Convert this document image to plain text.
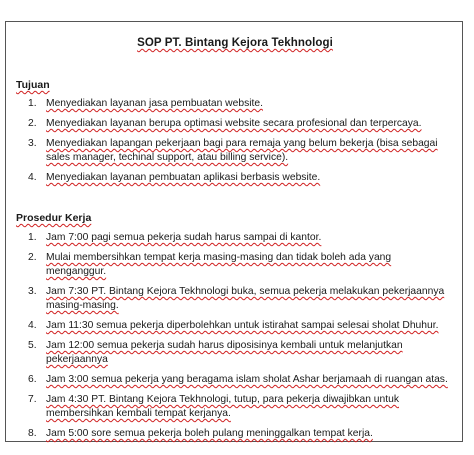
SOP PT. Bintang Kejora Tekhnologi
Tujuan
1. Menyediakan layanan jasa pembuatan website.
2. Menyediakan layanan berupa optimasi website secara profesional dan terpercaya.
3. Menyediakan lapangan pekerjaan bagi para remaja yang belum bekerja (bisa sebagai sales manager, techinal support, atau billing service).
4. Menyediakan layanan pembuatan aplikasi berbasis website.
Prosedur Kerja
1. Jam 7:00 pagi semua pekerja sudah harus sampai di kantor.
2. Mulai membersihkan tempat kerja masing-masing dan tidak boleh ada yang menganggur.
3. Jam 7:30 PT. Bintang Kejora Tekhnologi buka, semua pekerja melakukan pekerjaannya masing-masing.
4. Jam 11:30 semua pekerja diperbolehkan untuk istirahat sampai selesai sholat Dhuhur.
5. Jam 12:00 semua pekerja sudah harus diposisinya kembali untuk melanjutkan pekerjaannya
6. Jam 3:00 semua pekerja yang beragama islam sholat Ashar berjamaah di ruangan atas.
7. Jam 4:30 PT. Bintang Kejora Tekhnologi, tutup, para pekerja diwajibkan untuk membersihkan kembali tempat kerjanya.
8. Jam 5:00 sore semua pekerja boleh pulang meninggalkan tempat kerja.
